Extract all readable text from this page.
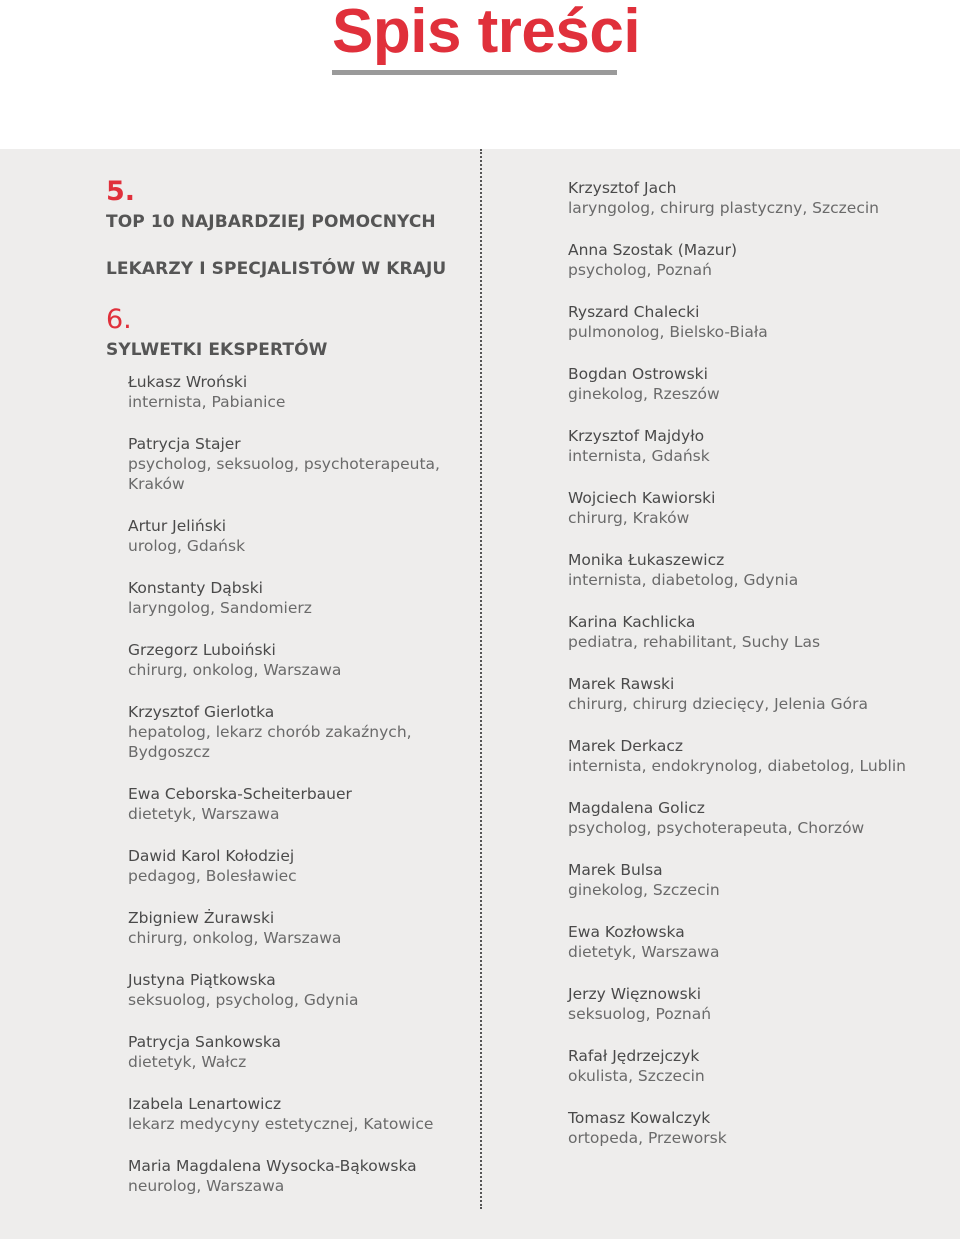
Spis treści

5.

TOP 10 NAJBARDZIEJ POMOCNYCH

LEKARZY I SPECJALISTÓW W KRAJU

6.

SYLWETKI EKSPERTÓW

Łukasz Wroński

internista, Pabianice

Patrycja Stajer

psycholog, seksuolog, psychoterapeuta,

Kraków

Artur Jeliński

urolog, Gdańsk

Konstanty Dąbski

laryngolog, Sandomierz

Grzegorz Luboiński

chirurg, onkolog, Warszawa

Krzysztof Gierlotka

hepatolog, lekarz chorób zakaźnych,

Bydgoszcz

Ewa Ceborska-Scheiterbauer

dietetyk, Warszawa

Dawid Karol Kołodziej

pedagog, Bolesławiec

Zbigniew Żurawski

chirurg, onkolog, Warszawa

Justyna Piątkowska

seksuolog, psycholog, Gdynia

Patrycja Sankowska

dietetyk, Wałcz

Izabela Lenartowicz

lekarz medycyny estetycznej, Katowice

Maria Magdalena Wysocka-Bąkowska

neurolog, Warszawa

Krzysztof Jach

laryngolog, chirurg plastyczny, Szczecin

Anna Szostak (Mazur)

psycholog, Poznań

Ryszard Chalecki

pulmonolog, Bielsko-Biała

Bogdan Ostrowski

ginekolog, Rzeszów

Krzysztof Majdyło

internista, Gdańsk

Wojciech Kawiorski

chirurg, Kraków

Monika Łukaszewicz

internista, diabetolog, Gdynia

Karina Kachlicka

pediatra, rehabilitant, Suchy Las

Marek Rawski

chirurg, chirurg dziecięcy, Jelenia Góra

Marek Derkacz

internista, endokrynolog, diabetolog, Lublin

Magdalena Golicz

psycholog, psychoterapeuta, Chorzów

Marek Bulsa

ginekolog, Szczecin

Ewa Kozłowska

dietetyk, Warszawa

Jerzy Więznowski

seksuolog, Poznań

Rafał Jędrzejczyk

okulista, Szczecin

Tomasz Kowalczyk

ortopeda, Przeworsk
